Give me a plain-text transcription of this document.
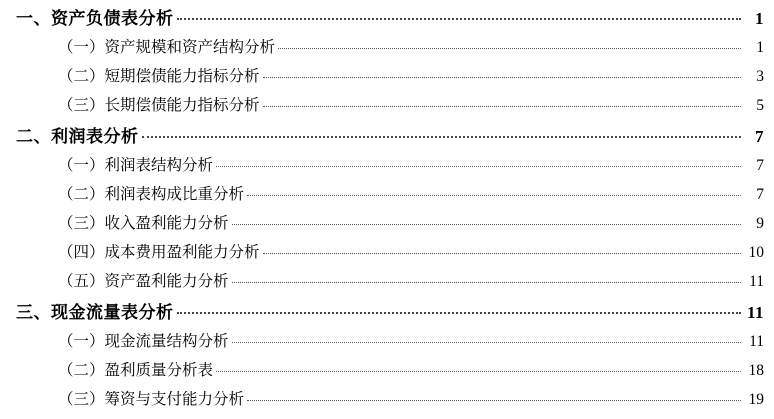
一、 资产负债表分析	1
（一） 资产规模和资产结构分析	1
（二） 短期偿债能力指标分析	3
（三） 长期偿债能力指标分析	5
二、 利润表分析	7
（一） 利润表结构分析	7
（二） 利润表构成比重分析	7
（三） 收入盈利能力分析	9
（四） 成本费用盈利能力分析	10
（五） 资产盈利能力分析	11
三、 现金流量表分析	11
（一） 现金流量结构分析	11
（二） 盈利质量分析表	18
（三） 筹资与支付能力分析	19
